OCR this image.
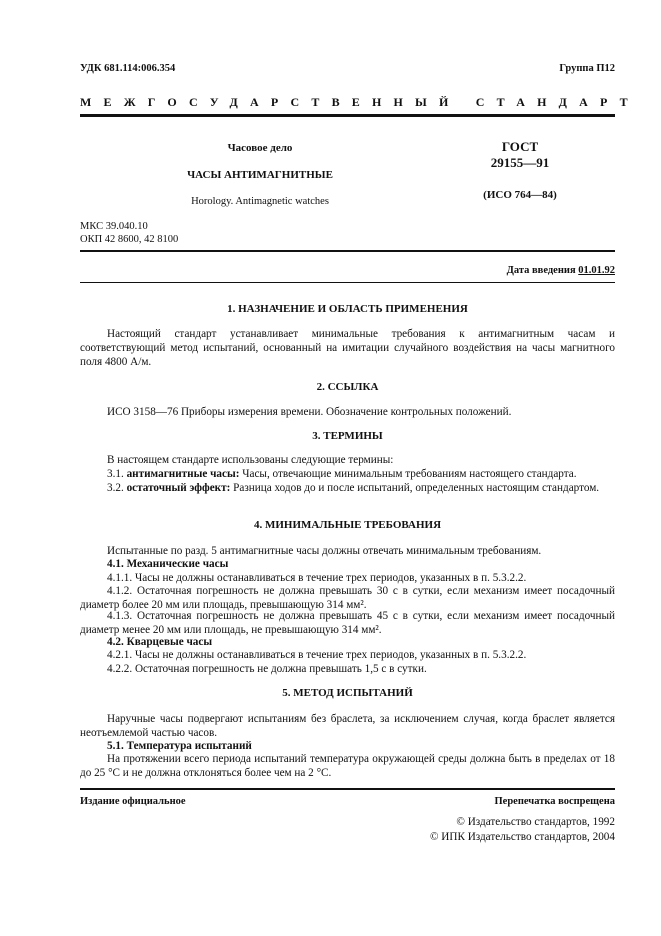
УДК 681.114:006.354	Группа П12
МЕЖГОСУДАРСТВЕННЫЙ СТАНДАРТ
Часовое дело
ЧАСЫ АНТИМАГНИТНЫЕ
Horology. Antimagnetic watches
ГОСТ
29155—91
(ИСО 764—84)
МКС 39.040.10
ОКП 42 8600, 42 8100
Дата введения 01.01.92
1. НАЗНАЧЕНИЕ И ОБЛАСТЬ ПРИМЕНЕНИЯ
Настоящий стандарт устанавливает минимальные требования к антимагнитным часам и соответствующий метод испытаний, основанный на имитации случайного воздействия на часы магнитного поля 4800 А/м.
2. ССЫЛКА
ИСО 3158—76 Приборы измерения времени. Обозначение контрольных положений.
3. ТЕРМИНЫ
В настоящем стандарте использованы следующие термины:
3.1. антимагнитные часы: Часы, отвечающие минимальным требованиям настоящего стандарта.
3.2. остаточный эффект: Разница ходов до и после испытаний, определенных настоящим стандартом.
4. МИНИМАЛЬНЫЕ ТРЕБОВАНИЯ
Испытанные по разд. 5 антимагнитные часы должны отвечать минимальным требованиям.
4.1. Механические часы
4.1.1. Часы не должны останавливаться в течение трех периодов, указанных в п. 5.3.2.2.
4.1.2. Остаточная погрешность не должна превышать 30 с в сутки, если механизм имеет посадочный диаметр более 20 мм или площадь, превышающую 314 мм².
4.1.3. Остаточная погрешность не должна превышать 45 с в сутки, если механизм имеет посадочный диаметр менее 20 мм или площадь, не превышающую 314 мм².
4.2. Кварцевые часы
4.2.1. Часы не должны останавливаться в течение трех периодов, указанных в п. 5.3.2.2.
4.2.2. Остаточная погрешность не должна превышать 1,5 с в сутки.
5. МЕТОД ИСПЫТАНИЙ
Наручные часы подвергают испытаниям без браслета, за исключением случая, когда браслет является неотъемлемой частью часов.
5.1. Температура испытаний
На протяжении всего периода испытаний температура окружающей среды должна быть в пределах от 18 до 25 °С и не должна отклоняться более чем на 2 °С.
Издание официальное	Перепечатка воспрещена
© Издательство стандартов, 1992
© ИПК Издательство стандартов, 2004
